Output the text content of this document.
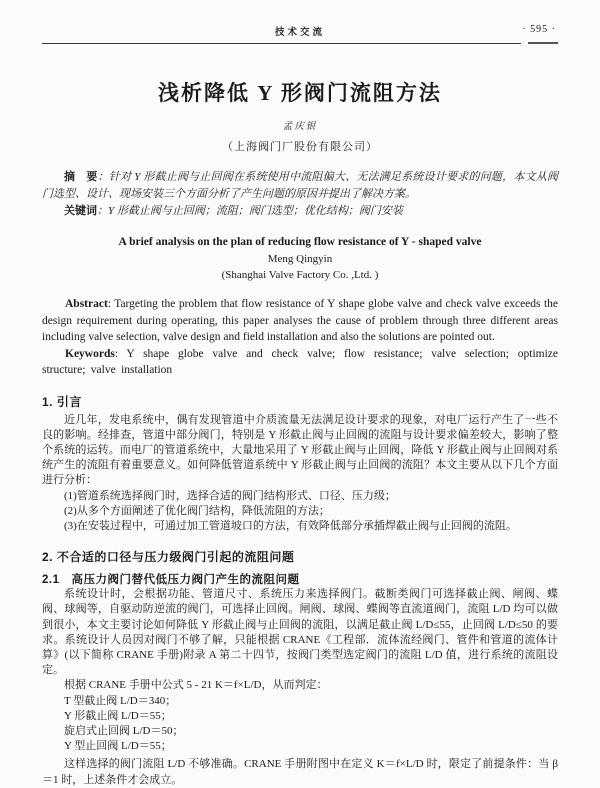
技术交流	· 595 ·
浅析降低 Y 形阀门流阻方法
孟庆银
（上海阀门厂股份有限公司）

摘　要：针对 Y 形截止阀与止回阀在系统使用中流阻偏大、无法满足系统设计要求的问题，本文从阀门选型、设计、现场安装三个方面分析了产生问题的原因并提出了解决方案。

关键词：Y 形截止阀与止回阀；流阻；阀门选型；优化结构；阀门安装

A brief analysis on the plan of reducing flow resistance of Y - shaped valve
Meng Qingyin
(Shanghai Valve Factory Co. ,Ltd. )

Abstract: Targeting the problem that flow resistance of Y shape globe valve and check valve exceeds the design requirement during operating, this paper analyses the cause of problem through three different areas including valve selection, valve design and field installation and also the solutions are pointed out.

Keywords: Y shape globe valve and check valve; flow resistance; valve selection; optimize structure; valve installation

1. 引言

近几年，发电系统中，偶有发现管道中介质流量无法满足设计要求的现象，对电厂运行产生了一些不良的影响。经排查，管道中部分阀门，特别是 Y 形截止阀与止回阀的流阻与设计要求偏差较大，影响了整个系统的运转。而电厂的管道系统中，大量地采用了 Y 形截止阀与止回阀，降低 Y 形截止阀与止回阀对系统产生的流阻有着重要意义。如何降低管道系统中 Y 形截止阀与止回阀的流阻？本文主要从以下几个方面进行分析：

(1)管道系统选择阀门时，选择合适的阀门结构形式、口径、压力级；

(2)从多个方面阐述了优化阀门结构，降低流阻的方法；

(3)在安装过程中，可通过加工管道坡口的方法，有效降低部分承插焊截止阀与止回阀的流阻。

2. 不合适的口径与压力级阀门引起的流阻问题
2.1　高压力阀门替代低压力阀门产生的流阻问题

系统设计时，会根据功能、管道尺寸、系统压力来选择阀门。截断类阀门可选择截止阀、闸阀、蝶阀、球阀等，自驱动防逆流的阀门，可选择止回阀。闸阀、球阀、蝶阀等直流道阀门，流阻 L/D 均可以做到很小，本文主要讨论如何降低 Y 形截止阀与止回阀的流阻，以满足截止阀 L/D≤55，止回阀 L/D≤50 的要求。系统设计人员因对阀门不够了解，只能根据 CRANE《工程部．流体流经阀门、管件和管道的流体计算》(以下简称 CRANE 手册)附录 A 第二十四节，按阀门类型选定阀门的流阻 L/D 值，进行系统的流阻设定。

根据 CRANE 手册中公式 5 - 21 K＝f×L/D，从而判定：

T 型截止阀 L/D＝340；

Y 形截止阀 L/D＝55；

旋启式止回阀 L/D＝50；

Y 型止回阀 L/D＝55；

这样选择的阀门流阻 L/D 不够准确。CRANE 手册附图中在定义 K＝f×L/D 时，限定了前提条件：当 β＝1 时，上述条件才会成立。
